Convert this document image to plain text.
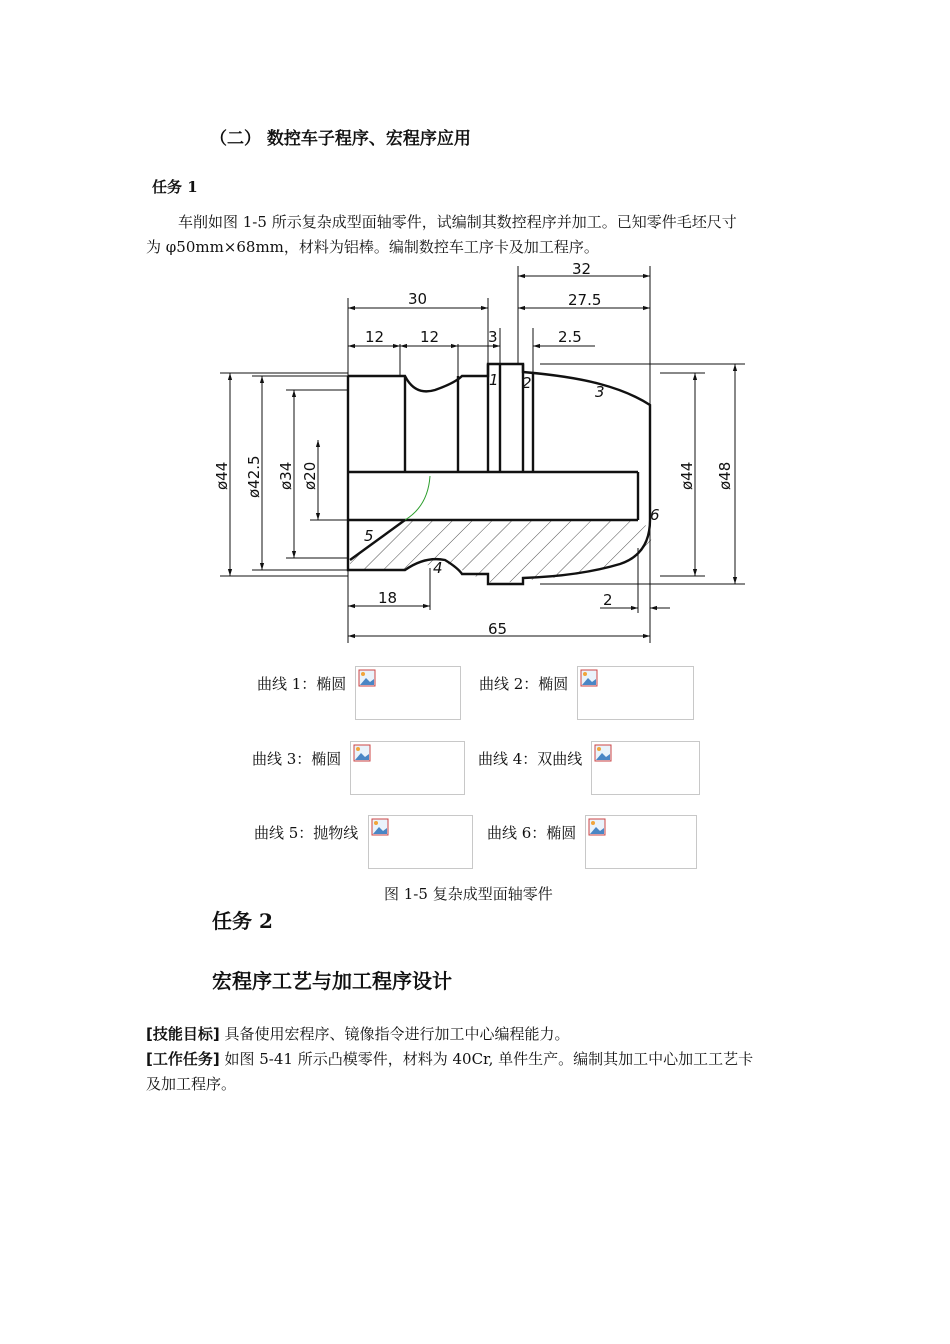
（二） 数控车子程序、宏程序应用
任务 1
车削如图 1-5 所示复杂成型面轴零件，试编制其数控程序并加工。已知零件毛坯尺寸
为 φ50mm×68mm，材料为铝棒。编制数控车工序卡及加工程序。
32
30	27.5
12 12	3	2.5
18	2
65
ø44 ø42.5 ø34 ø20	ø44 ø48
1 2	3
4
5
6
曲线 1：椭圆	曲线 2：椭圆
曲线 3：椭圆	曲线 4：双曲线
曲线 5：抛物线	曲线 6：椭圆
图 1-5 复杂成型面轴零件
任务 2
宏程序工艺与加工程序设计
[技能目标] 具备使用宏程序、镜像指令进行加工中心编程能力。
[工作任务] 如图 5-41 所示凸模零件，材料为 40Cr, 单件生产。编制其加工中心加工工艺卡
及加工程序。
